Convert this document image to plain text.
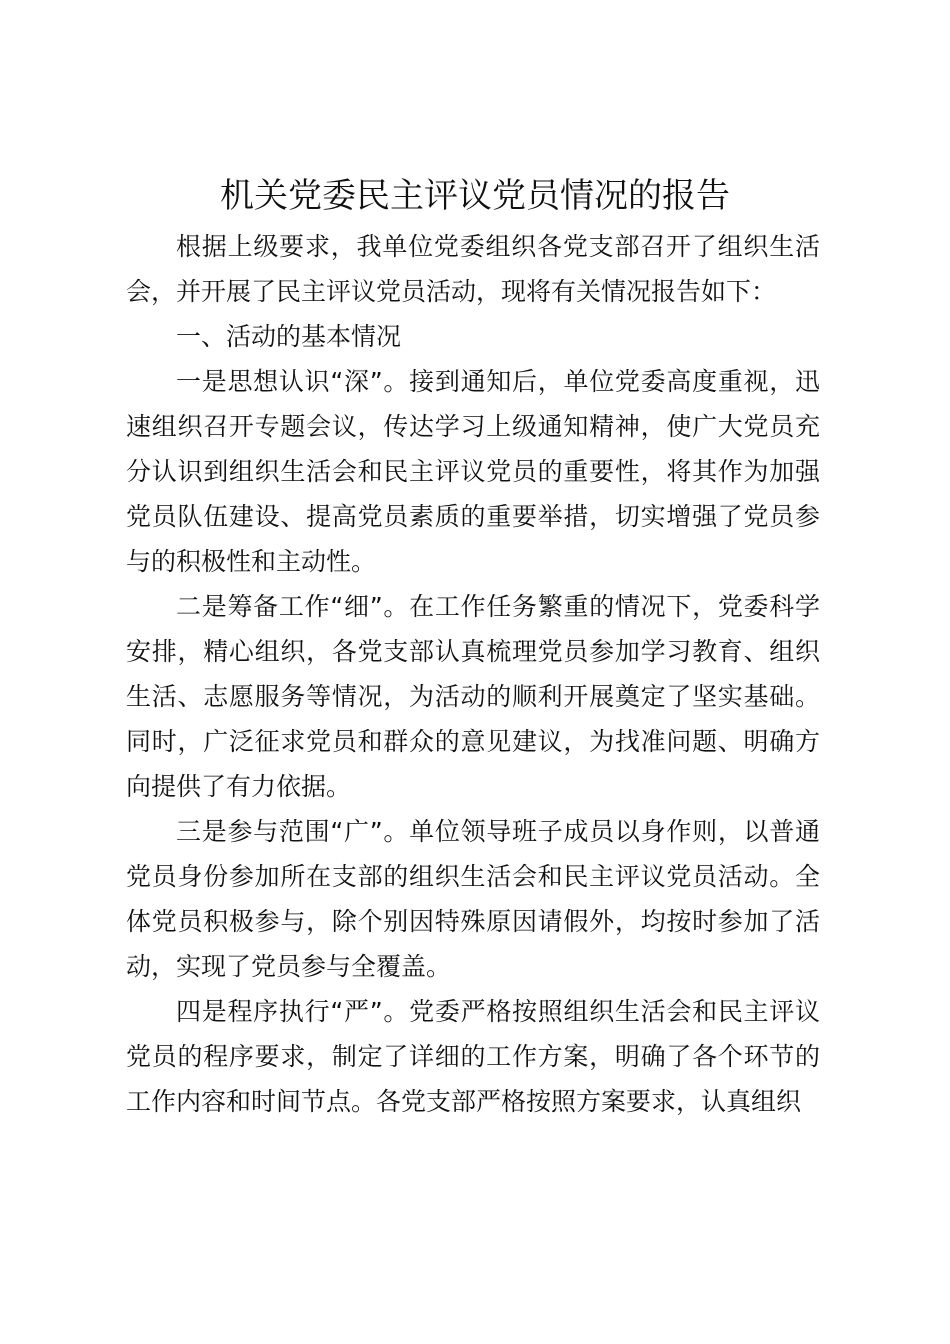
机关党委民主评议党员情况的报告

根据上级要求，我单位党委组织各党支部召开了组织生活会，并开展了民主评议党员活动，现将有关情况报告如下：

一、活动的基本情况

一是思想认识“深”。接到通知后，单位党委高度重视，迅速组织召开专题会议，传达学习上级通知精神，使广大党员充分认识到组织生活会和民主评议党员的重要性，将其作为加强党员队伍建设、提高党员素质的重要举措，切实增强了党员参与的积极性和主动性。

二是筹备工作“细”。在工作任务繁重的情况下，党委科学安排，精心组织，各党支部认真梳理党员参加学习教育、组织生活、志愿服务等情况，为活动的顺利开展奠定了坚实基础。同时，广泛征求党员和群众的意见建议，为找准问题、明确方向提供了有力依据。

三是参与范围“广”。单位领导班子成员以身作则，以普通党员身份参加所在支部的组织生活会和民主评议党员活动。全体党员积极参与，除个别因特殊原因请假外，均按时参加了活动，实现了党员参与全覆盖。

四是程序执行“严”。党委严格按照组织生活会和民主评议党员的程序要求，制定了详细的工作方案，明确了各个环节的工作内容和时间节点。各党支部严格按照方案要求，认真组织
